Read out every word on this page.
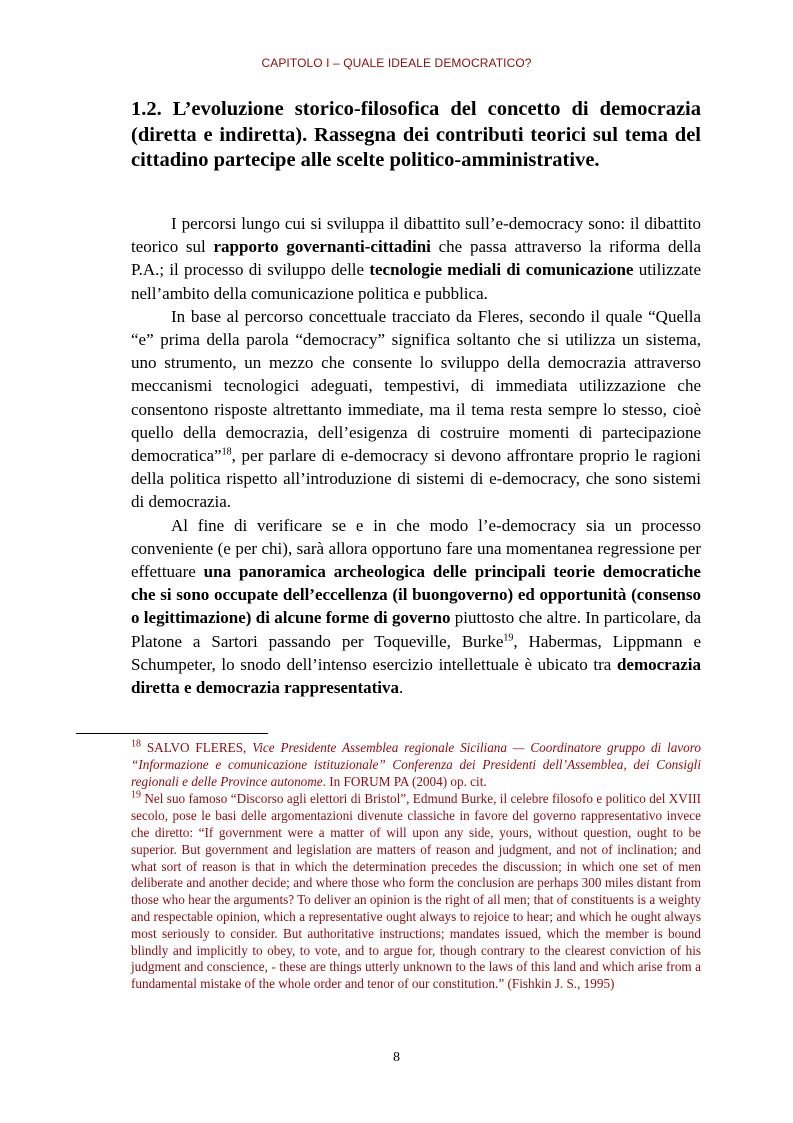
CAPITOLO I – QUALE IDEALE DEMOCRATICO?
1.2. L’evoluzione storico-filosofica del concetto di democrazia (diretta e indiretta). Rassegna dei contributi teorici sul tema del cittadino partecipe alle scelte politico-amministrative.

I percorsi lungo cui si sviluppa il dibattito sull’e-democracy sono: il dibattito teorico sul rapporto governanti-cittadini che passa attraverso la riforma della P.A.; il processo di sviluppo delle tecnologie mediali di comunicazione utilizzate nell’ambito della comunicazione politica e pubblica.

In base al percorso concettuale tracciato da Fleres, secondo il quale “Quella “e” prima della parola “democracy” significa soltanto che si utilizza un sistema, uno strumento, un mezzo che consente lo sviluppo della democrazia attraverso meccanismi tecnologici adeguati, tempestivi, di immediata utilizzazione che consentono risposte altrettanto immediate, ma il tema resta sempre lo stesso, cioè quello della democrazia, dell’esigenza di costruire momenti di partecipazione democratica”$^{18}$, per parlare di e-democracy si devono affrontare proprio le ragioni della politica rispetto all’introduzione di sistemi di e-democracy, che sono sistemi di democrazia.

Al fine di verificare se e in che modo l’e-democracy sia un processo conveniente (e per chi), sarà allora opportuno fare una momentanea regressione per effettuare una panoramica archeologica delle principali teorie democratiche che si sono occupate dell’eccellenza (il buongoverno) ed opportunità (consenso o legittimazione) di alcune forme di governo piuttosto che altre. In particolare, da Platone a Sartori passando per Toqueville, Burke$^{19}$, Habermas, Lippmann e Schumpeter, lo snodo dell’intenso esercizio intellettuale è ubicato tra democrazia diretta e democrazia rappresentativa.

$^{18}$ SALVO FLERES, Vice Presidente Assemblea regionale Siciliana — Coordinatore gruppo di lavoro “Informazione e comunicazione istituzionale” Conferenza dei Presidenti dell’Assemblea, dei Consigli regionali e delle Province autonome. In FORUM PA (2004) op. cit.

$^{19}$ Nel suo famoso “Discorso agli elettori di Bristol”, Edmund Burke, il celebre filosofo e politico del XVIII secolo, pose le basi delle argomentazioni divenute classiche in favore del governo rappresentativo invece che diretto: “If government were a matter of will upon any side, yours, without question, ought to be superior. But government and legislation are matters of reason and judgment, and not of inclination; and what sort of reason is that in which the determination precedes the discussion; in which one set of men deliberate and another decide; and where those who form the conclusion are perhaps 300 miles distant from those who hear the arguments? To deliver an opinion is the right of all men; that of constituents is a weighty and respectable opinion, which a representative ought always to rejoice to hear; and which he ought always most seriously to consider. But authoritative instructions; mandates issued, which the member is bound blindly and implicitly to obey, to vote, and to argue for, though contrary to the clearest conviction of his judgment and conscience, - these are things utterly unknown to the laws of this land and which arise from a fundamental mistake of the whole order and tenor of our constitution.” (Fishkin J. S., 1995)

8
